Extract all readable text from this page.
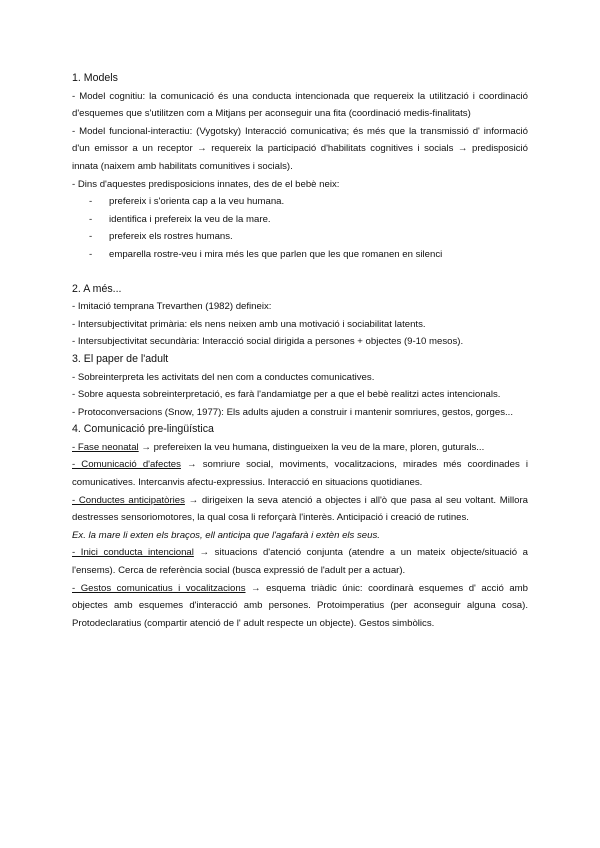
1. Models
- Model cognitiu: la comunicació és una conducta intencionada que requereix la utilització i coordinació d'esquemes que s'utilitzen com a Mitjans per aconseguir una fita (coordinació medis-finalitats)
- Model funcional-interactiu: (Vygotsky) Interacció comunicativa; és més que la transmissió d' informació d'un emissor a un receptor → requereix la participació d'habilitats cognitives i socials → predisposició innata (naixem amb habilitats comunitives i socials).
- Dins d'aquestes predisposicions innates, des de el bebè neix:
- prefereix i s'orienta cap a la veu humana.
- identifica i prefereix la veu de la mare.
- prefereix els rostres humans.
- emparella rostre-veu i mira més les que parlen que les que romanen en silenci
2. A més...
- Imitació temprana Trevarthen (1982) defineix:
- Intersubjectivitat primària: els nens neixen amb una motivació i sociabilitat latents.
- Intersubjectivitat secundària: Interacció social dirigida a persones + objectes (9-10 mesos).
3. El paper de l'adult
- Sobreinterpreta les activitats del nen com a conductes comunicatives.
- Sobre aquesta sobreinterpretació, es farà l'andamiatge per a que el bebè realitzi actes intencionals.
- Protoconversacions (Snow, 1977): Els adults ajuden a construir i mantenir somriures, gestos, gorges...
4. Comunicació pre-lingüística
- Fase neonatal → prefereixen la veu humana, distingueixen la veu de la mare, ploren, guturals...
- Comunicació d'afectes → somriure social, moviments, vocalitzacions, mirades més coordinades i comunicatives. Intercanvis afectu-expressius. Interacció en situacions quotidianes.
- Conductes anticipatòries → dirigeixen la seva atenció a objectes i all'ò que pasa al seu voltant. Millora destresses sensoriomotores, la qual cosa li reforçarà l'interès. Anticipació i creació de rutines.
Ex. la mare li exten els braços, ell anticipa que l'agafarà i extèn els seus.
- Inici conducta intencional → situacions d'atenció conjunta (atendre a un mateix objecte/situació a l'ensems). Cerca de referència social (busca expressió de l'adult per a actuar).
- Gestos comunicatius i vocalitzacions → esquema triàdic únic: coordinarà esquemes d' acció amb objectes amb esquemes d'interacció amb persones. Protoimperatius (per aconseguir alguna cosa). Protodeclaratius (compartir atenció de l' adult respecte un objecte). Gestos simbòlics.
